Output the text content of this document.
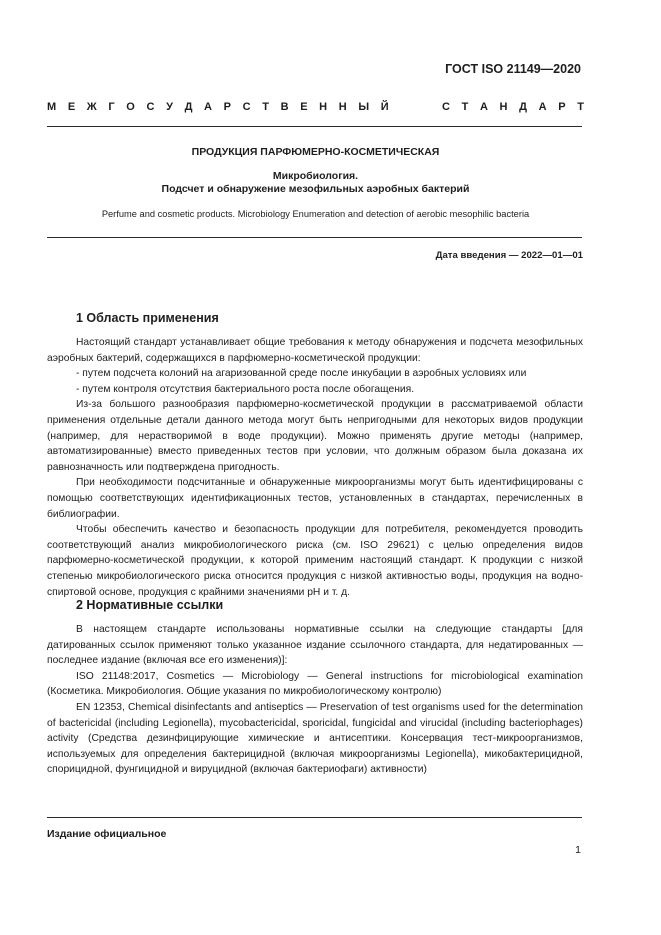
ГОСТ ISO 21149—2020
М Е Ж Г О С У Д А Р С Т В Е Н Н Ы Й	С Т А Н Д А Р Т
ПРОДУКЦИЯ ПАРФЮМЕРНО-КОСМЕТИЧЕСКАЯ
Микробиология.
Подсчет и обнаружение мезофильных аэробных бактерий
Perfume and cosmetic products. Microbiology Enumeration and detection of aerobic mesophilic bacteria
Дата введения — 2022—01—01
1 Область применения

Настоящий стандарт устанавливает общие требования к методу обнаружения и подсчета мезофильных аэробных бактерий, содержащихся в парфюмерно-косметической продукции:

- путем подсчета колоний на агаризованной среде после инкубации в аэробных условиях или

- путем контроля отсутствия бактериального роста после обогащения.

Из-за большого разнообразия парфюмерно-косметической продукции в рассматриваемой области применения отдельные детали данного метода могут быть непригодными для некоторых видов продукции (например, для нерастворимой в воде продукции). Можно применять другие методы (например, автоматизированные) вместо приведенных тестов при условии, что должным образом была доказана их равнозначность или подтверждена пригодность.

При необходимости подсчитанные и обнаруженные микроорганизмы могут быть идентифицированы с помощью соответствующих идентификационных тестов, установленных в стандартах, перечисленных в библиографии.

Чтобы обеспечить качество и безопасность продукции для потребителя, рекомендуется проводить соответствующий анализ микробиологического риска (см. ISO 29621) с целью определения видов парфюмерно-косметической продукции, к которой применим настоящий стандарт. К продукции с низкой степенью микробиологического риска относится продукция с низкой активностью воды, продукция на водно-спиртовой основе, продукция с крайними значениями pH и т. д.

2 Нормативные ссылки

В настоящем стандарте использованы нормативные ссылки на следующие стандарты [для датированных ссылок применяют только указанное издание ссылочного стандарта, для недатированных — последнее издание (включая все его изменения)]:

ISO 21148:2017, Cosmetics — Microbiology — General instructions for microbiological examination (Косметика. Микробиология. Общие указания по микробиологическому контролю)

EN 12353, Chemical disinfectants and antiseptics — Preservation of test organisms used for the determination of bactericidal (including Legionella), mycobactericidal, sporicidal, fungicidal and virucidal (including bacteriophages) activity (Средства дезинфицирующие химические и антисептики. Консервация тест-микроорганизмов, используемых для определения бактерицидной (включая микроорганизмы Legionella), микобактерицидной, спорицидной, фунгицидной и вируцидной (включая бактериофаги) активности)

Издание официальное
1
